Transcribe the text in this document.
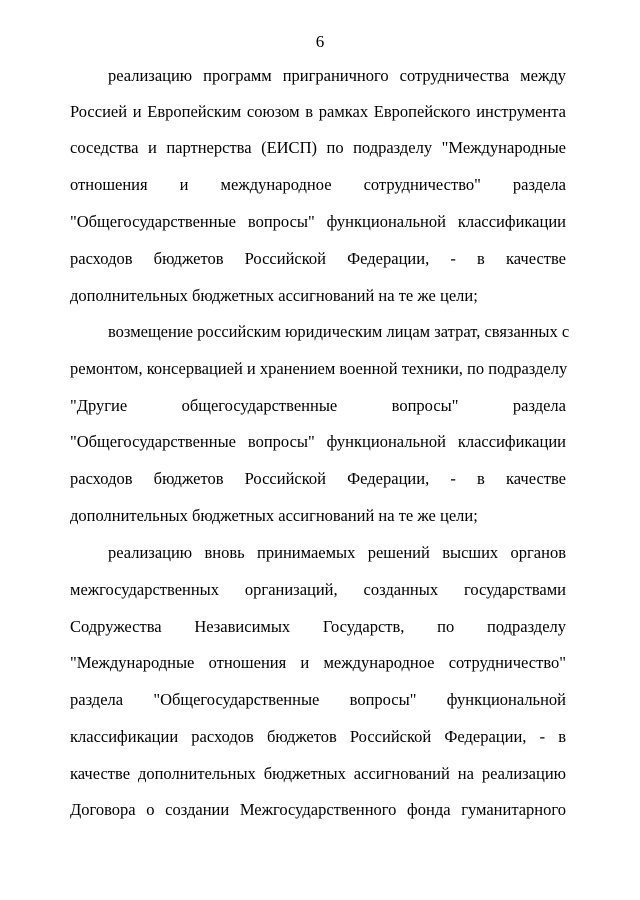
6
реализацию программ приграничного сотрудничества между
Россией и Европейским союзом в рамках Европейского инструмента
соседства и партнерства (ЕИСП) по подразделу "Международные
отношения и международное сотрудничество" раздела
"Общегосударственные вопросы" функциональной классификации
расходов бюджетов Российской Федерации, - в качестве
дополнительных бюджетных ассигнований на те же цели;
возмещение российским юридическим лицам затрат, связанных с
ремонтом, консервацией и хранением военной техники, по подразделу
"Другие общегосударственные вопросы" раздела
"Общегосударственные вопросы" функциональной классификации
расходов бюджетов Российской Федерации, - в качестве
дополнительных бюджетных ассигнований на те же цели;
реализацию вновь принимаемых решений высших органов
межгосударственных организаций, созданных государствами
Содружества Независимых Государств, по подразделу
"Международные отношения и международное сотрудничество"
раздела "Общегосударственные вопросы" функциональной
классификации расходов бюджетов Российской Федерации, - в
качестве дополнительных бюджетных ассигнований на реализацию
Договора о создании Межгосударственного фонда гуманитарного
